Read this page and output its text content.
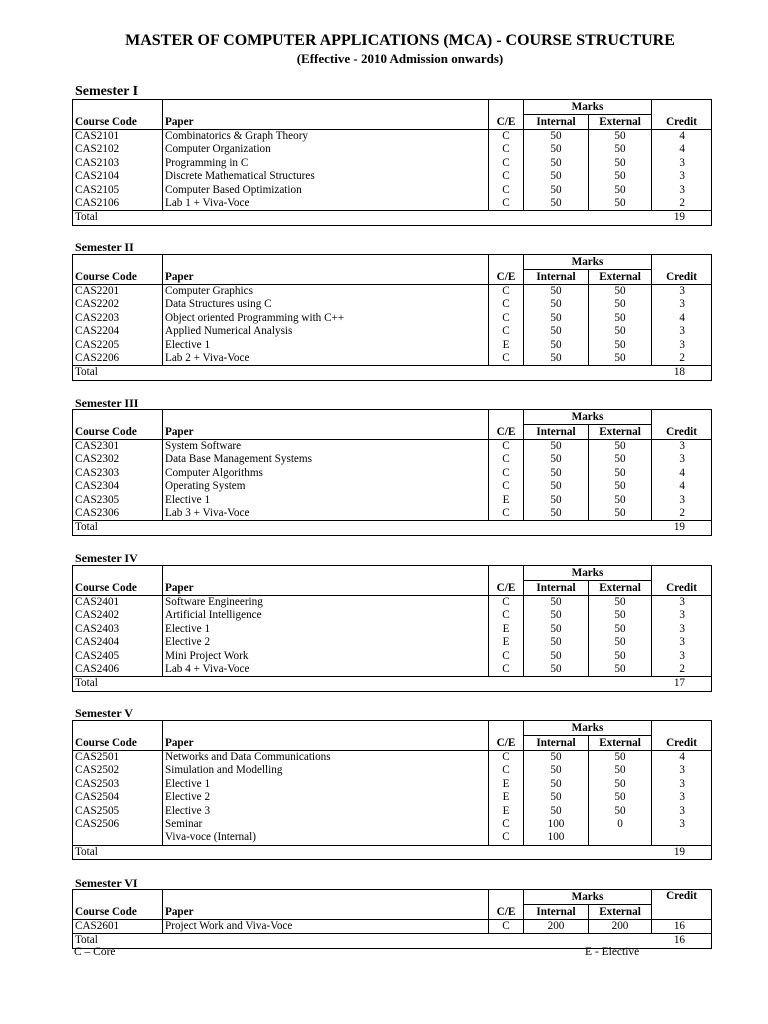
MASTER OF COMPUTER APPLICATIONS (MCA) - COURSE STRUCTURE
(Effective - 2010 Admission onwards)
Semester I
			Marks		
Course Code	Paper	C/E	Internal	External	Credit
CAS2101	Combinatorics & Graph Theory	C	50	50	4
CAS2102	Computer Organization	C	50	50	4
CAS2103	Programming in C	C	50	50	3
CAS2104	Discrete Mathematical Structures	C	50	50	3
CAS2105	Computer Based Optimization	C	50	50	3
CAS2106	Lab 1 + Viva-Voce	C	50	50	2
Total					19
Semester II
			Marks		
Course Code	Paper	C/E	Internal	External	Credit
CAS2201	Computer Graphics	C	50	50	3
CAS2202	Data Structures using C	C	50	50	3
CAS2203	Object oriented Programming with C++	C	50	50	4
CAS2204	Applied Numerical Analysis	C	50	50	3
CAS2205	Elective 1	E	50	50	3
CAS2206	Lab 2 + Viva-Voce	C	50	50	2
Total					18
Semester III
			Marks		
Course Code	Paper	C/E	Internal	External	Credit
CAS2301	System Software	C	50	50	3
CAS2302	Data Base Management Systems	C	50	50	3
CAS2303	Computer Algorithms	C	50	50	4
CAS2304	Operating System	C	50	50	4
CAS2305	Elective 1	E	50	50	3
CAS2306	Lab 3 + Viva-Voce	C	50	50	2
Total					19
Semester IV
			Marks		
Course Code	Paper	C/E	Internal	External	Credit
CAS2401	Software Engineering	C	50	50	3
CAS2402	Artificial Intelligence	C	50	50	3
CAS2403	Elective 1	E	50	50	3
CAS2404	Elective 2	E	50	50	3
CAS2405	Mini Project Work	C	50	50	3
CAS2406	Lab 4 + Viva-Voce	C	50	50	2
Total					17
Semester V
			Marks		
Course Code	Paper	C/E	Internal	External	Credit
CAS2501	Networks and Data Communications	C	50	50	4
CAS2502	Simulation and Modelling	C	50	50	3
CAS2503	Elective 1	E	50	50	3
CAS2504	Elective 2	E	50	50	3
CAS2505	Elective 3	E	50	50	3
CAS2506	Seminar	C	100	0	3
	Viva-voce (Internal)	C	100		
Total					19
Semester VI
			Marks		Credit
Course Code	Paper	C/E	Internal	External	
CAS2601	Project Work and Viva-Voce	C	200	200	16
Total					16
C – Core	E - Elective
